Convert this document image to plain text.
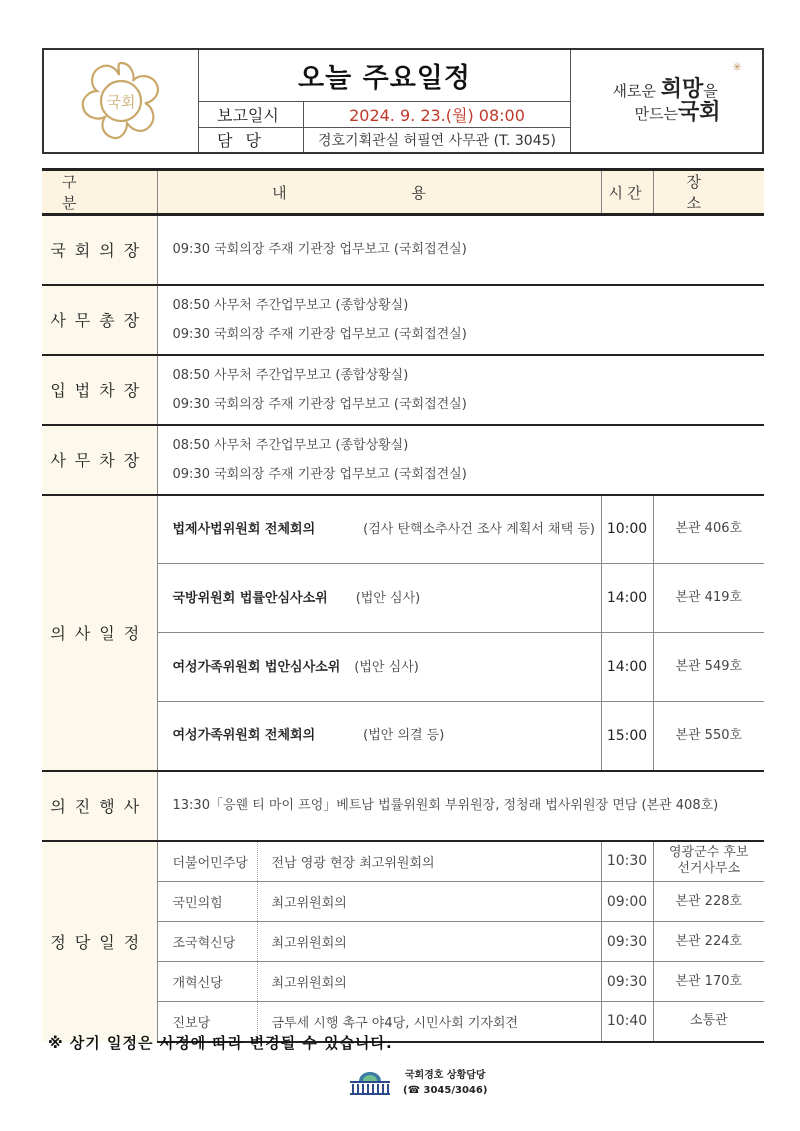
국회
오늘 주요일정
보고일시	2024. 9. 23.(월) 08:00
담 당	경호기획관실 허필연 사무관 (T. 3045)
✳
새로운 희망을
만드는국회
구 분	내 용		시간	장 소
국회의장	09:30 국회의장 주재 기관장 업무보고 (국회접견실)			
사무총장	08:50 사무처 주간업무보고 (종합상황실)
09:30 국회의장 주재 기관장 업무보고 (국회접견실)			

입법차장	08:50 사무처 주간업무보고 (종합상황실)
09:30 국회의장 주재 기관장 업무보고 (국회접견실)			

사무차장	08:50 사무처 주간업무보고 (종합상황실)
09:30 국회의장 주재 기관장 업무보고 (국회접견실)			

의사일정	법제사법위원회 전체회의 (검사 탄핵소추사건 조사 계획서 채택 등)		10:00	본관 406호
	국방위원회 법률안심사소위 (법안 심사)		14:00	본관 419호
	여성가족위원회 법안심사소위 (법안 심사)		14:00	본관 549호
	여성가족위원회 전체회의 (법안 의결 등)		15:00	본관 550호
의진행사	13:30「응웬 티 마이 프엉」베트남 법률위원회 부위원장, 정청래 법사위원장 면담 (본관 408호)			
정당일정	더불어민주당	전남 영광 현장 최고위원회의	10:30	영광군수 후보 선거사무소
	국민의힘	최고위원회의	09:00	본관 228호
	조국혁신당	최고위원회의	09:30	본관 224호
	개혁신당	최고위원회의	09:30	본관 170호
	진보당	금투세 시행 촉구 야4당, 시민사회 기자회견	10:40	소통관
※ 상기 일정은 사정에 따라 변경될 수 있습니다.
국회경호 상황담당
(☎ 3045/3046)
